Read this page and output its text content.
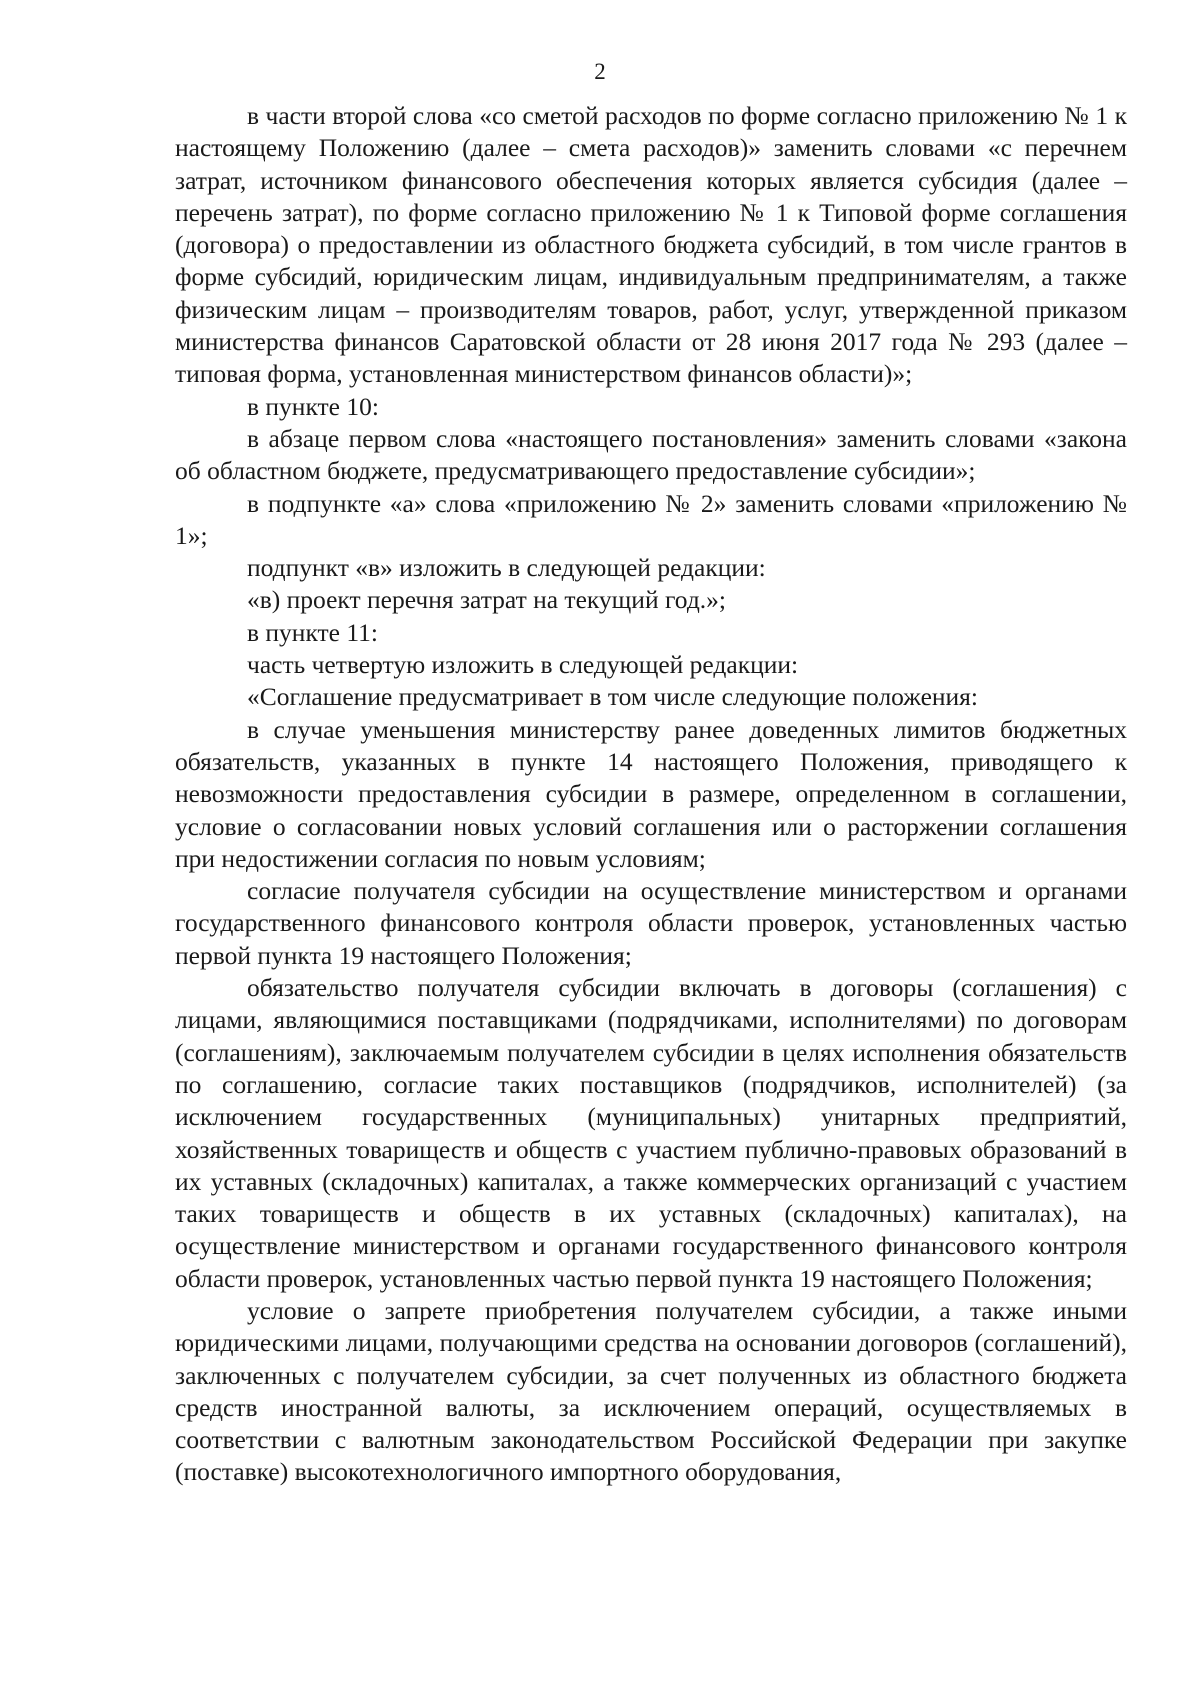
2

в части второй слова «со сметой расходов по форме согласно приложению № 1 к настоящему Положению (далее – смета расходов)» заменить словами «с перечнем затрат, источником финансового обеспечения которых является субсидия (далее – перечень затрат), по форме согласно приложению № 1 к Типовой форме соглашения (договора) о предоставлении из областного бюджета субсидий, в том числе грантов в форме субсидий, юридическим лицам, индивидуальным предпринимателям, а также физическим лицам – производителям товаров, работ, услуг, утвержденной приказом министерства финансов Саратовской области от 28 июня 2017 года № 293 (далее – типовая форма, установленная министерством финансов области)»;

в пункте 10:

в абзаце первом слова «настоящего постановления» заменить словами «закона об областном бюджете, предусматривающего предоставление субсидии»;

в подпункте «а» слова «приложению № 2» заменить словами «приложению № 1»;

подпункт «в» изложить в следующей редакции:

«в) проект перечня затрат на текущий год.»;

в пункте 11:

часть четвертую изложить в следующей редакции:

«Соглашение предусматривает в том числе следующие положения:

в случае уменьшения министерству ранее доведенных лимитов бюджетных обязательств, указанных в пункте 14 настоящего Положения, приводящего к невозможности предоставления субсидии в размере, определенном в соглашении, условие о согласовании новых условий соглашения или о расторжении соглашения при недостижении согласия по новым условиям;

согласие получателя субсидии на осуществление министерством и органами государственного финансового контроля области проверок, установленных частью первой пункта 19 настоящего Положения;

обязательство получателя субсидии включать в договоры (соглашения) с лицами, являющимися поставщиками (подрядчиками, исполнителями) по договорам (соглашениям), заключаемым получателем субсидии в целях исполнения обязательств по соглашению, согласие таких поставщиков (подрядчиков, исполнителей) (за исключением государственных (муниципальных) унитарных предприятий, хозяйственных товариществ и обществ с участием публично-правовых образований в их уставных (складочных) капиталах, а также коммерческих организаций с участием таких товариществ и обществ в их уставных (складочных) капиталах), на осуществление министерством и органами государственного финансового контроля области проверок, установленных частью первой пункта 19 настоящего Положения;

условие о запрете приобретения получателем субсидии, а также иными юридическими лицами, получающими средства на основании договоров (соглашений), заключенных с получателем субсидии, за счет полученных из областного бюджета средств иностранной валюты, за исключением операций, осуществляемых в соответствии с валютным законодательством Российской Федерации при закупке (поставке) высокотехнологичного импортного оборудования,
